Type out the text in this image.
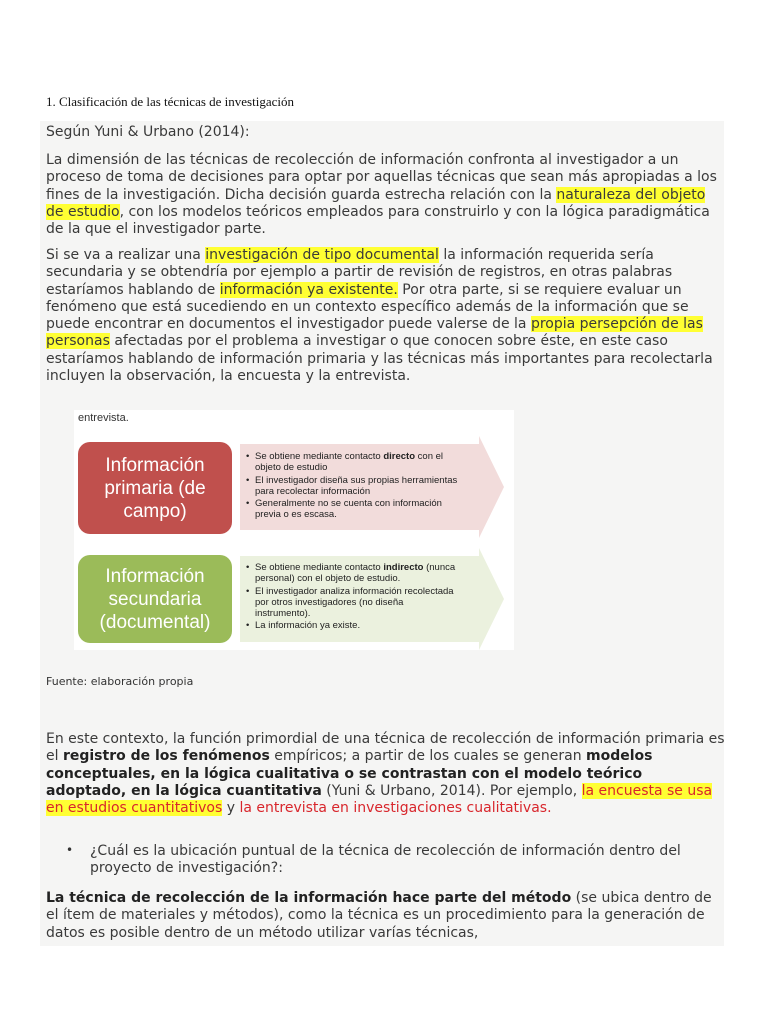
1. Clasificación de las técnicas de investigación
Según Yuni & Urbano (2014):
La dimensión de las técnicas de recolección de información confronta al investigador a un proceso de toma de decisiones para optar por aquellas técnicas que sean más apropiadas a los fines de la investigación. Dicha decisión guarda estrecha relación con la naturaleza del objeto de estudio, con los modelos teóricos empleados para construirlo y con la lógica paradigmática de la que el investigador parte.
Si se va a realizar una investigación de tipo documental la información requerida sería secundaria y se obtendría por ejemplo a partir de revisión de registros, en otras palabras estaríamos hablando de información ya existente. Por otra parte, si se requiere evaluar un fenómeno que está sucediendo en un contexto específico además de la información que se puede encontrar en documentos el investigador puede valerse de la propia persepción de las personas afectadas por el problema a investigar o que conocen sobre éste, en este caso estaríamos hablando de información primaria y las técnicas más importantes para recolectarla incluyen la observación, la encuesta y la entrevista.
entrevista.
Información primaria (de campo)
Información secundaria (documental)
• Se obtiene mediante contacto directo con el objeto de estudio
• El investigador diseña sus propias herramientas para recolectar información
• Generalmente no se cuenta con información previa o es escasa.
• Se obtiene mediante contacto indirecto (nunca personal) con el objeto de estudio.
• El investigador analiza información recolectada por otros investigadores (no diseña instrumento).
• La información ya existe.
Fuente: elaboración propia
En este contexto, la función primordial de una técnica de recolección de información primaria es el registro de los fenómenos empíricos; a partir de los cuales se generan modelos conceptuales, en la lógica cualitativa o se contrastan con el modelo teórico adoptado, en la lógica cuantitativa (Yuni & Urbano, 2014). Por ejemplo, la encuesta se usa en estudios cuantitativos y la entrevista en investigaciones cualitativas.
• ¿Cuál es la ubicación puntual de la técnica de recolección de información dentro del proyecto de investigación?:
La técnica de recolección de la información hace parte del método (se ubica dentro de el ítem de materiales y métodos), como la técnica es un procedimiento para la generación de datos es posible dentro de un método utilizar varías técnicas,
